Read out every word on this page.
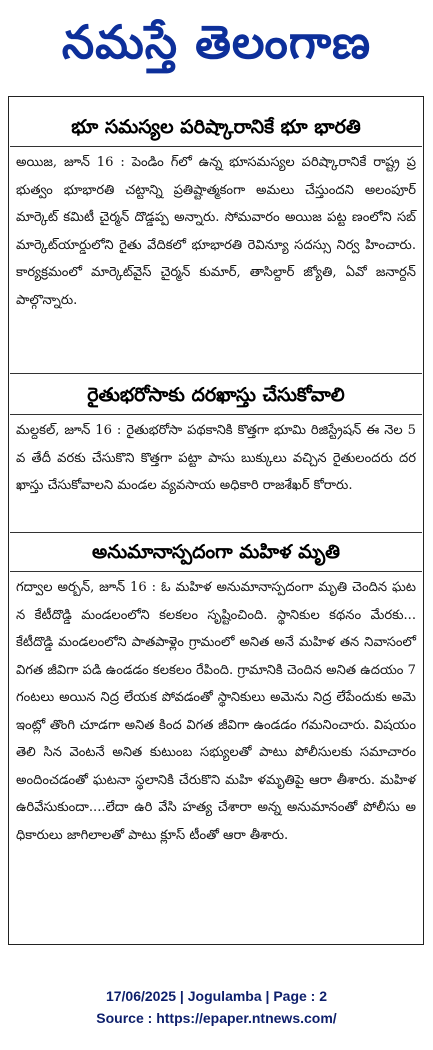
నమస్తే తెలంగాణ
భూ సమస్యల పరిష్కారానికే భూ భారతి
అయిజ, జూన్‌ 16 : పెండిం గ్‌లో ఉన్న భూసమస్యల పరిష్కారానికే రాష్ట్ర ప్రభుత్వం భూభారతి చట్టాన్ని ప్రతిష్టాత్మకంగా అమలు చేస్తుందని అలంపూర్‌ మార్కెట్‌ కమిటీ చైర్మన్‌ దొడ్డప్ప అన్నారు. సోమవారం అయిజ పట్ట ణంలోని సబ్‌ మార్కెట్‌యార్డులోని రైతు వేదికలో భూభారతి రెవిన్యూ సదస్సు నిర్వ హించారు. కార్యక్రమంలో మార్కెట్‌వైస్‌ చైర్మన్‌ కుమార్‌, తాసిల్దార్‌ జ్యోతి, ఏవో జనార్దన్‌ పాల్గొన్నారు.
రైతుభరోసాకు దరఖాస్తు చేసుకోవాలి
మల్దకల్‌, జూన్‌ 16 : రైతుభరోసా పథకానికి కొత్తగా భూమి రిజిస్ట్రేషన్‌ ఈ నెల 5వ తేదీ వరకు చేసుకొని కొత్తగా పట్టా పాసు బుక్కులు వచ్చిన రైతులందరు దర ఖాస్తు చేసుకోవాలని మండల వ్యవసాయ అధికారి రాజశేఖర్‌ కోరారు.
అనుమానాస్పదంగా మహిళ మృతి
గద్వాల అర్బన్‌, జూన్‌ 16 : ఓ మహిళ అనుమానాస్పదంగా మృతి చెందిన ఘటన కేటీదొడ్డి మండలంలోని కలకలం సృష్టించింది. స్థానికుల కథనం మేరకు...కేటీదొడ్డి మండలంలోని పాతపాళ్లెం గ్రామంలో అనిత అనే మహిళ తన నివాసంలో విగత జీవిగా పడి ఉండడం కలకలం రేపింది. గ్రామానికి చెందిన అనిత ఉదయం 7 గంటలు అయిన నిద్ర లేయక పోవడంతో స్థానికులు అమెను నిద్ర లేపేందుకు అమె ఇంట్లో తొంగి చూడగా అనిత కింద విగత జీవిగా ఉండడం గమనించారు. విషయం తెలి సిన వెంటనే అనిత కుటుంబ సభ్యులతో పాటు పోలీసులకు సమాచారం అందించడంతో ఘటనా స్థలానికి చేరుకొని మహి ళమృతిపై ఆరా తీశారు. మహిళ ఉరివేసుకుందా....లేదా ఉరి వేసి హత్య చేశారా అన్న అనుమానంతో పోలీసు అధికారులు జాగిలాలతో పాటు క్లూస్‌ టీంతో ఆరా తీశారు.
17/06/2025 | Jogulamba | Page : 2
Source : https://epaper.ntnews.com/
